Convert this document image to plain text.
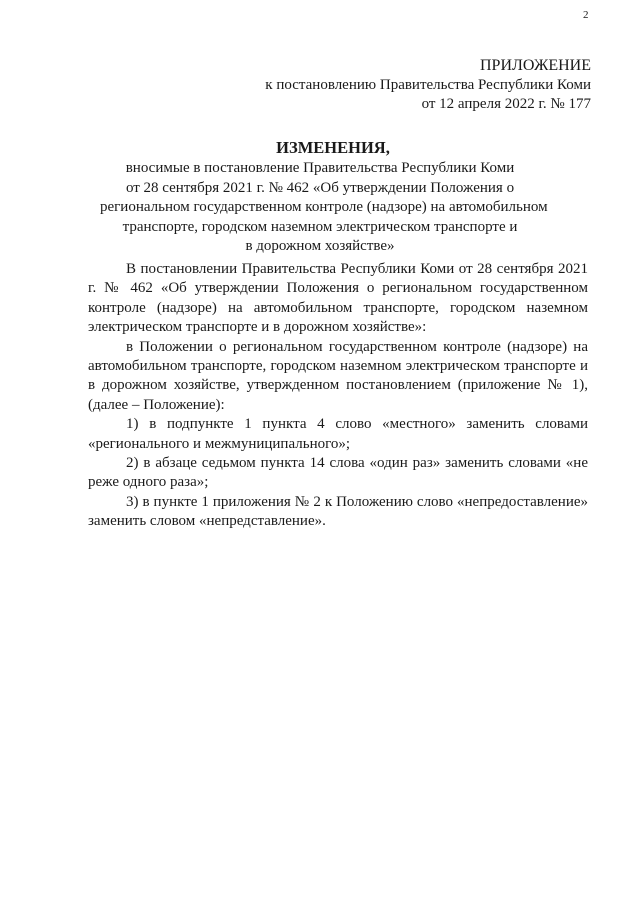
2
ПРИЛОЖЕНИЕ
к постановлению Правительства Республики Коми
от 12 апреля 2022 г. № 177
ИЗМЕНЕНИЯ,
вносимые в постановление Правительства Республики Коми
от 28 сентября 2021 г. № 462 «Об утверждении Положения о
региональном государственном контроле (надзоре) на автомобильном
транспорте, городском наземном электрическом транспорте и
в дорожном хозяйстве»

В постановлении Правительства Республики Коми от 28 сентября 2021 г. № 462 «Об утверждении Положения о региональном государственном контроле (надзоре) на автомобильном транспорте, городском наземном электрическом транспорте и в дорожном хозяйстве»:

в Положении о региональном государственном контроле (надзоре) на автомобильном транспорте, городском наземном электрическом транспорте и в дорожном хозяйстве, утвержденном постановлением (приложение № 1), (далее – Положение):

1) в подпункте 1 пункта 4 слово «местного» заменить словами «регионального и межмуниципального»;

2) в абзаце седьмом пункта 14 слова «один раз» заменить словами «не реже одного раза»;

3) в пункте 1 приложения № 2 к Положению слово «непредоставление» заменить словом «непредставление».
